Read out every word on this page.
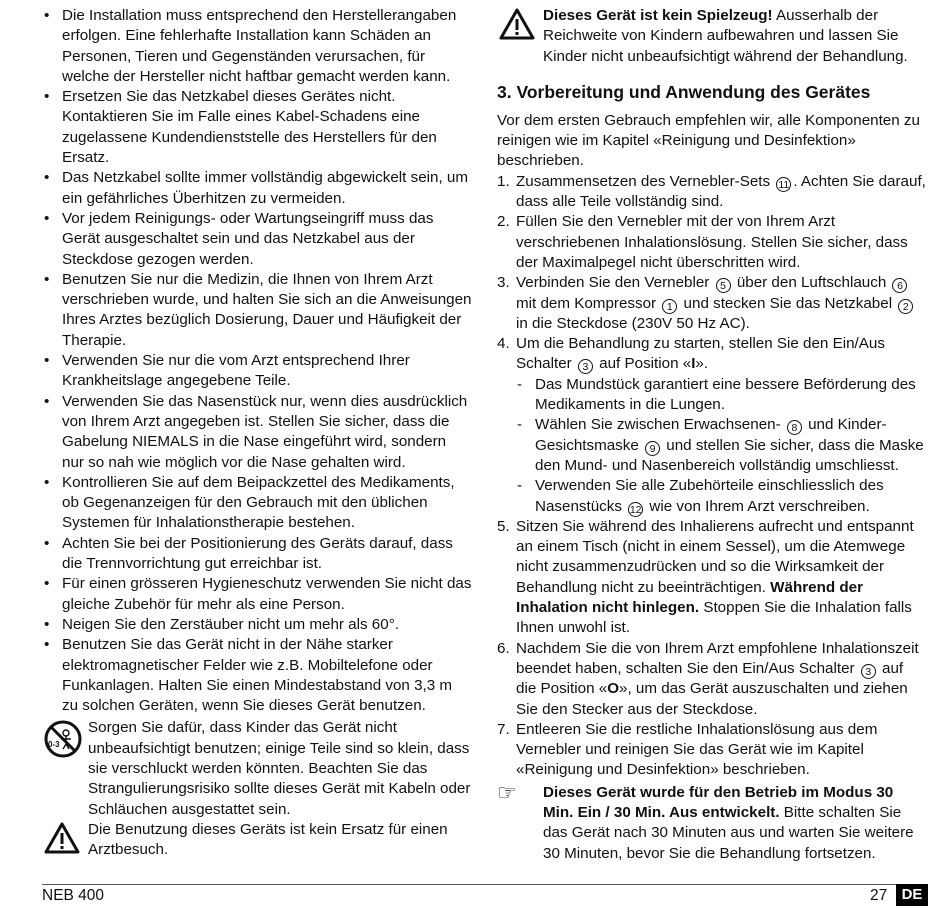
• Die Installation muss entsprechend den Herstellerangaben erfolgen. Eine fehlerhafte Installation kann Schäden an Personen, Tieren und Gegenständen verursachen, für welche der Hersteller nicht haftbar gemacht werden kann.
• Ersetzen Sie das Netzkabel dieses Gerätes nicht. Kontaktieren Sie im Falle eines Kabel-Schadens eine zugelassene Kundendienststelle des Herstellers für den Ersatz.
• Das Netzkabel sollte immer vollständig abgewickelt sein, um ein gefährliches Überhitzen zu vermeiden.
• Vor jedem Reinigungs- oder Wartungseingriff muss das Gerät ausgeschaltet sein und das Netzkabel aus der Steckdose gezogen werden.
• Benutzen Sie nur die Medizin, die Ihnen von Ihrem Arzt verschrieben wurde, und halten Sie sich an die Anweisungen Ihres Arztes bezüglich Dosierung, Dauer und Häufigkeit der Therapie.
• Verwenden Sie nur die vom Arzt entsprechend Ihrer Krankheitslage angegebene Teile.
• Verwenden Sie das Nasenstück nur, wenn dies ausdrücklich von Ihrem Arzt angegeben ist. Stellen Sie sicher, dass die Gabelung NIEMALS in die Nase eingeführt wird, sondern nur so nah wie möglich vor die Nase gehalten wird.
• Kontrollieren Sie auf dem Beipackzettel des Medikaments, ob Gegenanzeigen für den Gebrauch mit den üblichen Systemen für Inhalationstherapie bestehen.
• Achten Sie bei der Positionierung des Geräts darauf, dass die Trennvorrichtung gut erreichbar ist.
• Für einen grösseren Hygieneschutz verwenden Sie nicht das gleiche Zubehör für mehr als eine Person.
• Neigen Sie den Zerstäuber nicht um mehr als 60°.
• Benutzen Sie das Gerät nicht in der Nähe starker elektromagnetischer Felder wie z.B. Mobiltelefone oder Funkanlagen. Halten Sie einen Mindestabstand von 3,3 m zu solchen Geräten, wenn Sie dieses Gerät benutzen.
0-3
Sorgen Sie dafür, dass Kinder das Gerät nicht unbeaufsichtigt benutzen; einige Teile sind so klein, dass sie verschluckt werden könnten. Beachten Sie das Strangulierungsrisiko sollte dieses Gerät mit Kabeln oder Schläuchen ausgestattet sein.
Die Benutzung dieses Geräts ist kein Ersatz für einen Arztbesuch.
Dieses Gerät ist kein Spielzeug! Ausserhalb der Reichweite von Kindern aufbewahren und lassen Sie Kinder nicht unbeaufsichtigt während der Behandlung.
3. Vorbereitung und Anwendung des Gerätes
Vor dem ersten Gebrauch empfehlen wir, alle Komponenten zu reinigen wie im Kapitel «Reinigung und Desinfektion» beschrieben.
1. Zusammensetzen des Vernebler-Sets 11 . Achten Sie darauf, dass alle Teile vollständig sind.
2. Füllen Sie den Vernebler mit der von Ihrem Arzt verschriebenen Inhalationslösung. Stellen Sie sicher, dass der Maximalpegel nicht überschritten wird.
3. Verbinden Sie den Vernebler 5 über den Luftschlauch 6 mit dem Kompressor 1 und stecken Sie das Netzkabel 2 in die Steckdose (230V 50 Hz AC).
4. Um die Behandlung zu starten, stellen Sie den Ein/Aus Schalter 3 auf Position «I».
- Das Mundstück garantiert eine bessere Beförderung des Medikaments in die Lungen.
- Wählen Sie zwischen Erwachsenen- 8 und Kinder-Gesichtsmaske 9 und stellen Sie sicher, dass die Maske den Mund- und Nasenbereich vollständig umschliesst.
- Verwenden Sie alle Zubehörteile einschliesslich des Nasenstücks 12 wie von Ihrem Arzt verschreiben.
5. Sitzen Sie während des Inhalierens aufrecht und entspannt an einem Tisch (nicht in einem Sessel), um die Atemwege nicht zusammenzudrücken und so die Wirksamkeit der Behandlung nicht zu beeinträchtigen. Während der Inhalation nicht hinlegen. Stoppen Sie die Inhalation falls Ihnen unwohl ist.
6. Nachdem Sie die von Ihrem Arzt empfohlene Inhalationszeit beendet haben, schalten Sie den Ein/Aus Schalter 3 auf die Position «O», um das Gerät auszuschalten und ziehen Sie den Stecker aus der Steckdose.
7. Entleeren Sie die restliche Inhalationslösung aus dem Vernebler und reinigen Sie das Gerät wie im Kapitel «Reinigung und Desinfektion» beschrieben.
☞ Dieses Gerät wurde für den Betrieb im Modus 30 Min. Ein / 30 Min. Aus entwickelt. Bitte schalten Sie das Gerät nach 30 Minuten aus und warten Sie weitere 30 Minuten, bevor Sie die Behandlung fortsetzen.
NEB 400	27 DE
